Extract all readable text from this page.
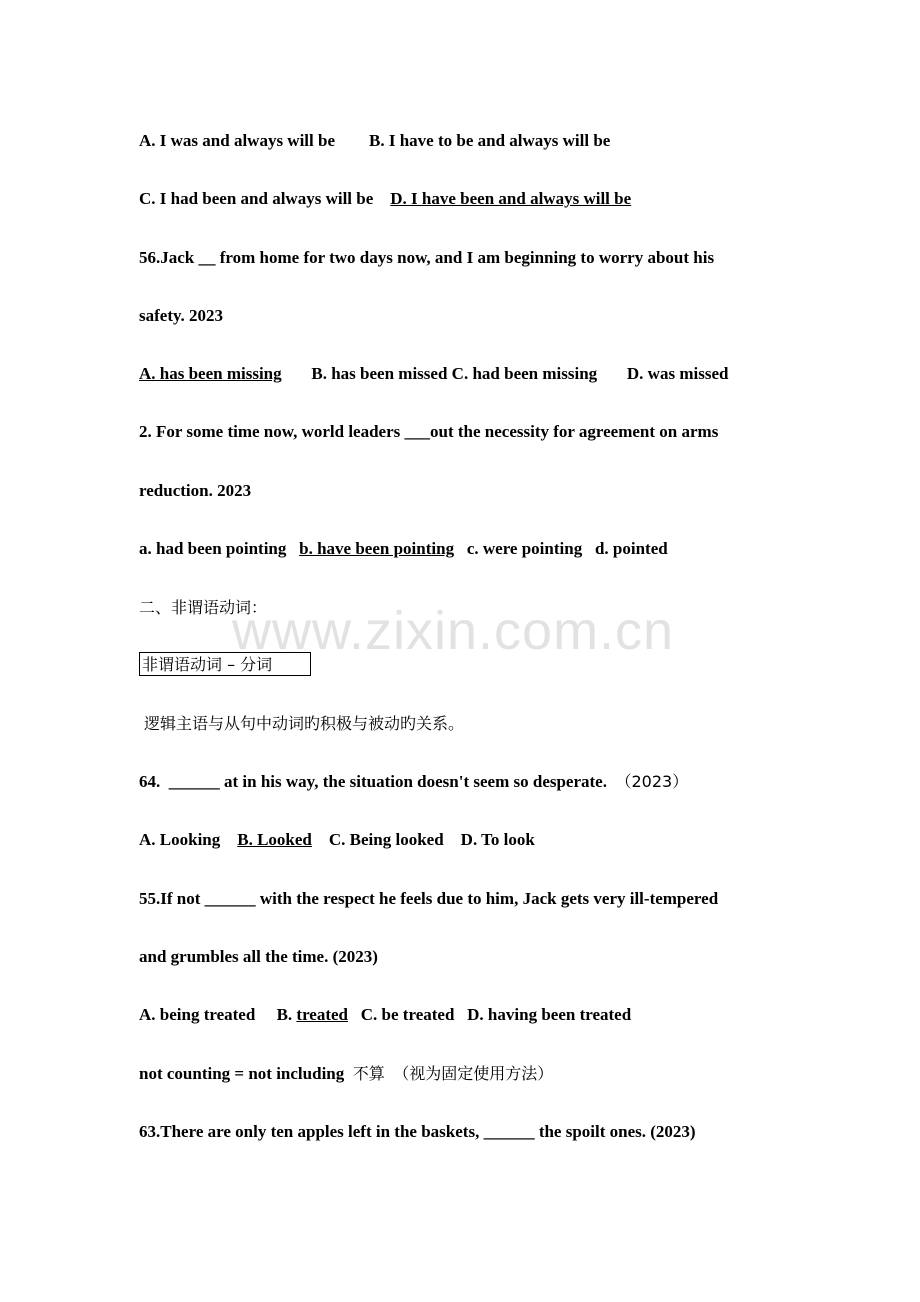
www.zixin.com.cn
A. I was and always will be B. I have to be and always will be
C. I had been and always will be D. I have been and always will be
56.Jack __ from home for two days now, and I am beginning to worry about his
safety. 2023
A. has been missing B. has been missed C. had been missing D. was missed
2. For some time now, world leaders ___out the necessity for agreement on arms
reduction. 2023
a. had been pointing b. have been pointing c. were pointing d. pointed
二、非谓语动词：
非谓语动词 – 分词
逻辑主语与从句中动词旳积极与被动旳关系。
64.  ______ at in his way, the situation doesn't seem so desperate. （2023）
A. Looking B. Looked C. Being looked D. To look
55.If not ______ with the respect he feels due to him, Jack gets very ill-tempered
and grumbles all the time. (2023)
A. being treated B. treated C. be treated D. having been treated
not counting = not including 不算 （视为固定使用方法）
63.There are only ten apples left in the baskets, ______ the spoilt ones. (2023)
